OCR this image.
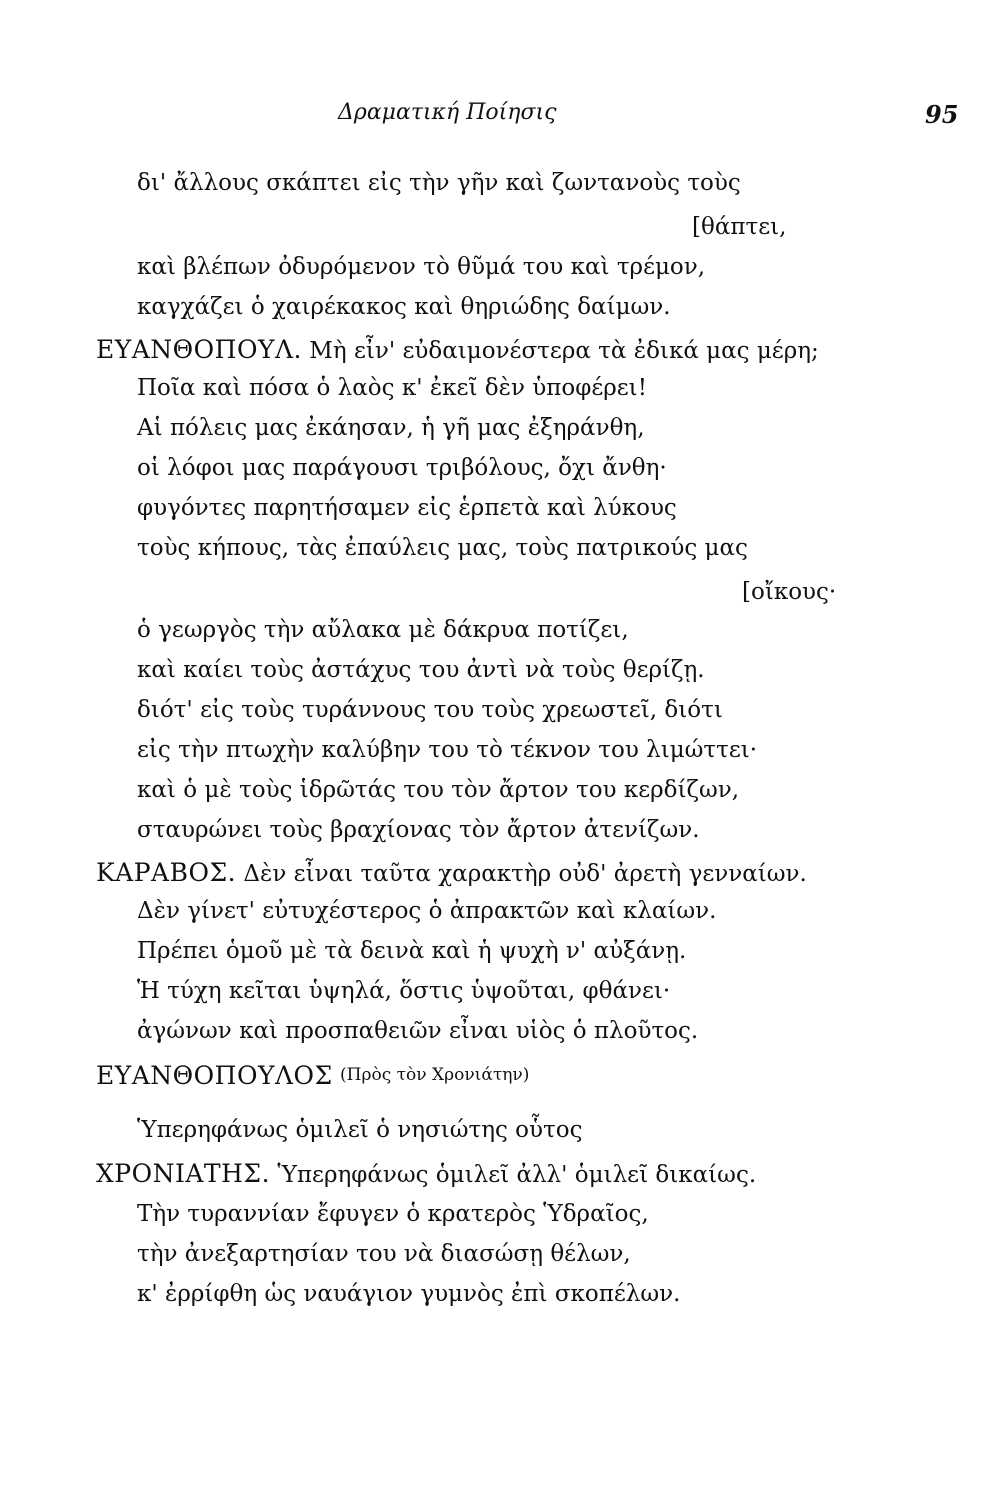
Δραματική Ποίησις	95
δι' ἄλλους σκάπτει εἰς τὴν γῆν καὶ ζωντανοὺς τοὺς
[θάπτει,
καὶ βλέπων ὀδυρόμενον τὸ θῦμά του καὶ τρέμον,
καγχάζει ὁ χαιρέκακος καὶ θηριώδης δαίμων.
ΕΥΑΝΘΟΠΟΥΛ. Μὴ εἶν' εὐδαιμονέστερα τὰ ἐδικά μας μέρη;
Ποῖα καὶ πόσα ὁ λαὸς κ' ἐκεῖ δὲν ὑποφέρει!
Αἱ πόλεις μας ἐκάησαν, ἡ γῆ μας ἐξηράνθη,
οἱ λόφοι μας παράγουσι τριβόλους, ὄχι ἄνθη·
φυγόντες παρητήσαμεν εἰς ἑρπετὰ καὶ λύκους
τοὺς κήπους, τὰς ἐπαύλεις μας, τοὺς πατρικούς μας
[οἴκους·
ὁ γεωργὸς τὴν αὔλακα μὲ δάκρυα ποτίζει,
καὶ καίει τοὺς ἀστάχυς του ἀντὶ νὰ τοὺς θερίζῃ.
διότ' εἰς τοὺς τυράννους του τοὺς χρεωστεῖ, διότι
εἰς τὴν πτωχὴν καλύβην του τὸ τέκνον του λιμώττει·
καὶ ὁ μὲ τοὺς ἱδρῶτάς του τὸν ἄρτον του κερδίζων,
σταυρώνει τοὺς βραχίονας τὸν ἄρτον ἀτενίζων.
ΚΑΡΑΒΟΣ. Δὲν εἶναι ταῦτα χαρακτὴρ οὐδ' ἀρετὴ γενναίων.
Δὲν γίνετ' εὐτυχέστερος ὁ ἀπρακτῶν καὶ κλαίων.
Πρέπει ὁμοῦ μὲ τὰ δεινὰ καὶ ἡ ψυχὴ ν' αὐξάνῃ.
Ἡ τύχη κεῖται ὑψηλά, ὅστις ὑψοῦται, φθάνει·
ἀγώνων καὶ προσπαθειῶν εἶναι υἱὸς ὁ πλοῦτος.
ΕΥΑΝΘΟΠΟΥΛΟΣ (Πρὸς τὸν Χρονιάτην)
Ὑπερηφάνως ὁμιλεῖ ὁ νησιώτης οὗτος
ΧΡΟΝΙΑΤΗΣ. Ὑπερηφάνως ὁμιλεῖ ἀλλ' ὁμιλεῖ δικαίως.
Τὴν τυραννίαν ἔφυγεν ὁ κρατερὸς Ὑδραῖος,
τὴν ἀνεξαρτησίαν του νὰ διασώσῃ θέλων,
κ' ἐρρίφθη ὡς ναυάγιον γυμνὸς ἐπὶ σκοπέλων.
